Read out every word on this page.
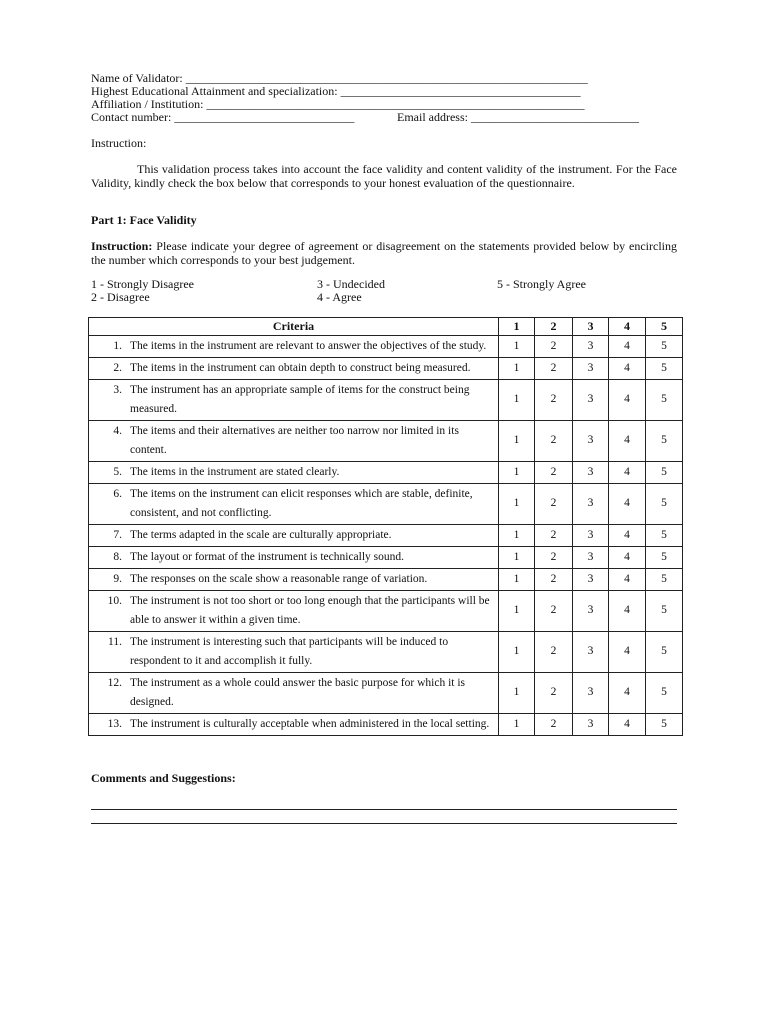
Name of Validator: ___________________________________________________________________
Highest Educational Attainment and specialization: ________________________________________
Affiliation / Institution: _______________________________________________________________
Contact number: ______________________________	Email address: ____________________________
Instruction:
This validation process takes into account the face validity and content validity of the instrument. For the Face Validity, kindly check the box below that corresponds to your honest evaluation of the questionnaire.
Part 1: Face Validity
Instruction: Please indicate your degree of agreement or disagreement on the statements provided below by encircling the number which corresponds to your best judgement.
1 - Strongly Disagree	3 - Undecided	5 - Strongly Agree
2 - Disagree	4 - Agree
Criteria	1	2	3	4	5

1. The items in the instrument are relevant to answer the objectives of the study.	1	2	3	4	5

2. The items in the instrument can obtain depth to construct being measured.	1	2	3	4	5

3. The instrument has an appropriate sample of items for the construct being measured.	1	2	3	4	5

4. The items and their alternatives are neither too narrow nor limited in its content.	1	2	3	4	5

5. The items in the instrument are stated clearly.	1	2	3	4	5

6. The items on the instrument can elicit responses which are stable, definite, consistent, and not conflicting.	1	2	3	4	5

7. The terms adapted in the scale are culturally appropriate.	1	2	3	4	5

8. The layout or format of the instrument is technically sound.	1	2	3	4	5

9. The responses on the scale show a reasonable range of variation.	1	2	3	4	5

10. The instrument is not too short or too long enough that the participants will be able to answer it within a given time.	1	2	3	4	5

11. The instrument is interesting such that participants will be induced to respondent to it and accomplish it fully.	1	2	3	4	5

12. The instrument as a whole could answer the basic purpose for which it is designed.	1	2	3	4	5

13. The instrument is culturally acceptable when administered in the local setting.	1	2	3	4	5
Comments and Suggestions:
